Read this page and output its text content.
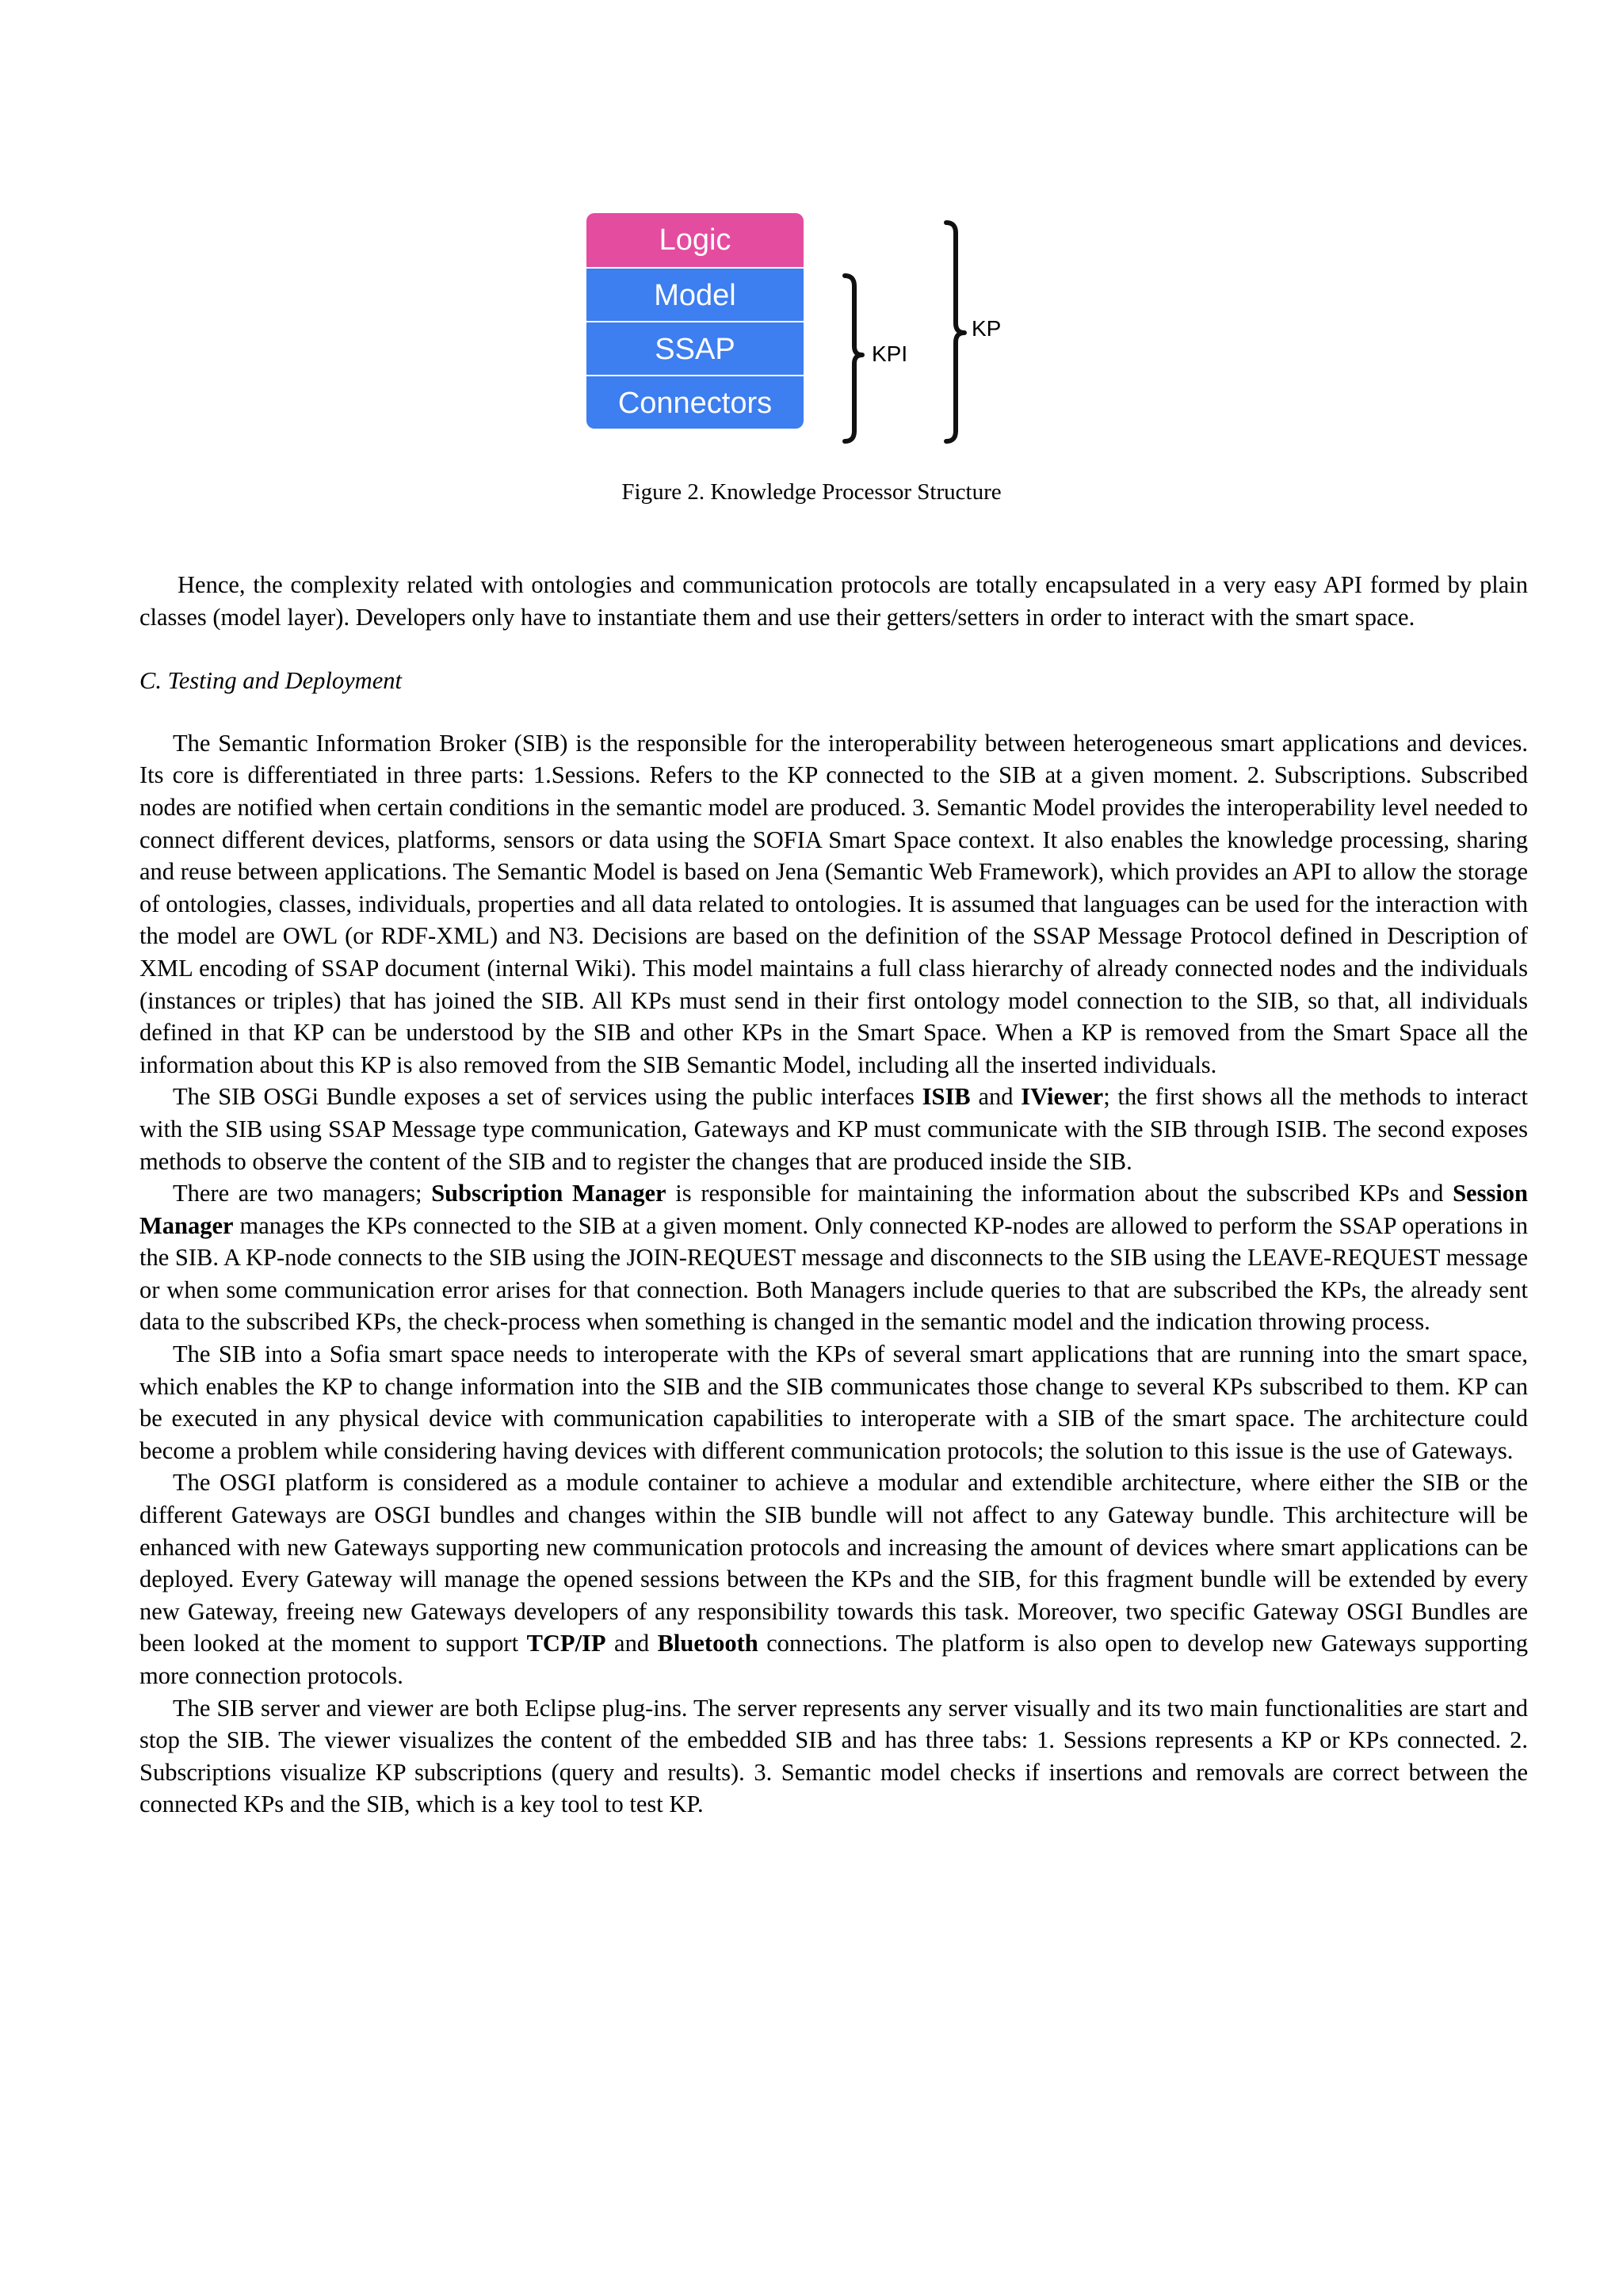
Logic
Model
SSAP
Connectors
KPI
KP
Figure 2. Knowledge Processor Structure

Hence, the complexity related with ontologies and communication protocols are totally encapsulated in a very easy API formed by plain classes (model layer). Developers only have to instantiate them and use their getters/setters in order to interact with the smart space.

C. Testing and Deployment

The Semantic Information Broker (SIB) is the responsible for the interoperability between heterogeneous smart applications and devices. Its core is differentiated in three parts: 1.Sessions. Refers to the KP connected to the SIB at a given moment. 2. Subscriptions. Subscribed nodes are notified when certain conditions in the semantic model are produced. 3. Semantic Model provides the interoperability level needed to connect different devices, platforms, sensors or data using the SOFIA Smart Space context. It also enables the knowledge processing, sharing and reuse between applications. The Semantic Model is based on Jena (Semantic Web Framework), which provides an API to allow the storage of ontologies, classes, individuals, properties and all data related to ontologies. It is assumed that languages can be used for the interaction with the model are OWL (or RDF-XML) and N3. Decisions are based on the definition of the SSAP Message Protocol defined in Description of XML encoding of SSAP document (internal Wiki). This model maintains a full class hierarchy of already connected nodes and the individuals (instances or triples) that has joined the SIB. All KPs must send in their first ontology model connection to the SIB, so that, all individuals defined in that KP can be understood by the SIB and other KPs in the Smart Space. When a KP is removed from the Smart Space all the information about this KP is also removed from the SIB Semantic Model, including all the inserted individuals.

The SIB OSGi Bundle exposes a set of services using the public interfaces ISIB and IViewer; the first shows all the methods to interact with the SIB using SSAP Message type communication, Gateways and KP must communicate with the SIB through ISIB. The second exposes methods to observe the content of the SIB and to register the changes that are produced inside the SIB.

There are two managers; Subscription Manager is responsible for maintaining the information about the subscribed KPs and Session Manager manages the KPs connected to the SIB at a given moment. Only connected KP-nodes are allowed to perform the SSAP operations in the SIB. A KP-node connects to the SIB using the JOIN-REQUEST message and disconnects to the SIB using the LEAVE-REQUEST message or when some communication error arises for that connection. Both Managers include queries to that are subscribed the KPs, the already sent data to the subscribed KPs, the check-process when something is changed in the semantic model and the indication throwing process.

The SIB into a Sofia smart space needs to interoperate with the KPs of several smart applications that are running into the smart space, which enables the KP to change information into the SIB and the SIB communicates those change to several KPs subscribed to them. KP can be executed in any physical device with communication capabilities to interoperate with a SIB of the smart space. The architecture could become a problem while considering having devices with different communication protocols; the solution to this issue is the use of Gateways.

The OSGI platform is considered as a module container to achieve a modular and extendible architecture, where either the SIB or the different Gateways are OSGI bundles and changes within the SIB bundle will not affect to any Gateway bundle. This architecture will be enhanced with new Gateways supporting new communication protocols and increasing the amount of devices where smart applications can be deployed. Every Gateway will manage the opened sessions between the KPs and the SIB, for this fragment bundle will be extended by every new Gateway, freeing new Gateways developers of any responsibility towards this task. Moreover, two specific Gateway OSGI Bundles are been looked at the moment to support TCP/IP and Bluetooth connections. The platform is also open to develop new Gateways supporting more connection protocols.

The SIB server and viewer are both Eclipse plug-ins. The server represents any server visually and its two main functionalities are start and stop the SIB. The viewer visualizes the content of the embedded SIB and has three tabs: 1. Sessions represents a KP or KPs connected. 2. Subscriptions visualize KP subscriptions (query and results). 3. Semantic model checks if insertions and removals are correct between the connected KPs and the SIB, which is a key tool to test KP.
